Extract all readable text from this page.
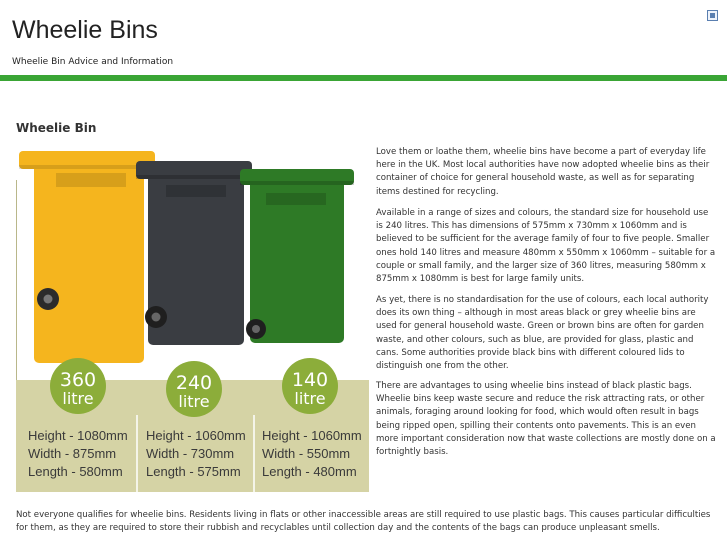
Wheelie Bins
Wheelie Bin Advice and Information
Wheelie Bin
360
litre
240
litre
140
litre
Height - 1080mm
Width - 875mm
Length - 580mm
Height - 1060mm
Width - 730mm
Length - 575mm
Height - 1060mm
Width - 550mm
Length - 480mm

Love them or loathe them, wheelie bins have become a part of everyday life here in the UK. Most local authorities have now adopted wheelie bins as their container of choice for general household waste, as well as for separating items destined for recycling.

Available in a range of sizes and colours, the standard size for household use is 240 litres. This has dimensions of 575mm x 730mm x 1060mm and is believed to be sufficient for the average family of four to five people. Smaller ones hold 140 litres and measure 480mm x 550mm x 1060mm – suitable for a couple or small family, and the larger size of 360 litres, measuring 580mm x 875mm x 1080mm is best for large family units.

As yet, there is no standardisation for the use of colours, each local authority does its own thing – although in most areas black or grey wheelie bins are used for general household waste. Green or brown bins are often for garden waste, and other colours, such as blue, are provided for glass, plastic and cans. Some authorities provide black bins with different coloured lids to distinguish one from the other.

There are advantages to using wheelie bins instead of black plastic bags. Wheelie bins keep waste secure and reduce the risk attracting rats, or other animals, foraging around looking for food, which would often result in bags being ripped open, spilling their contents onto pavements. This is an even more important consideration now that waste collections are mostly done on a fortnightly basis.

Not everyone qualifies for wheelie bins. Residents living in flats or other inaccessible areas are still required to use plastic bags. This causes particular difficulties for them, as they are required to store their rubbish and recyclables until collection day and the contents of the bags can produce unpleasant smells.
